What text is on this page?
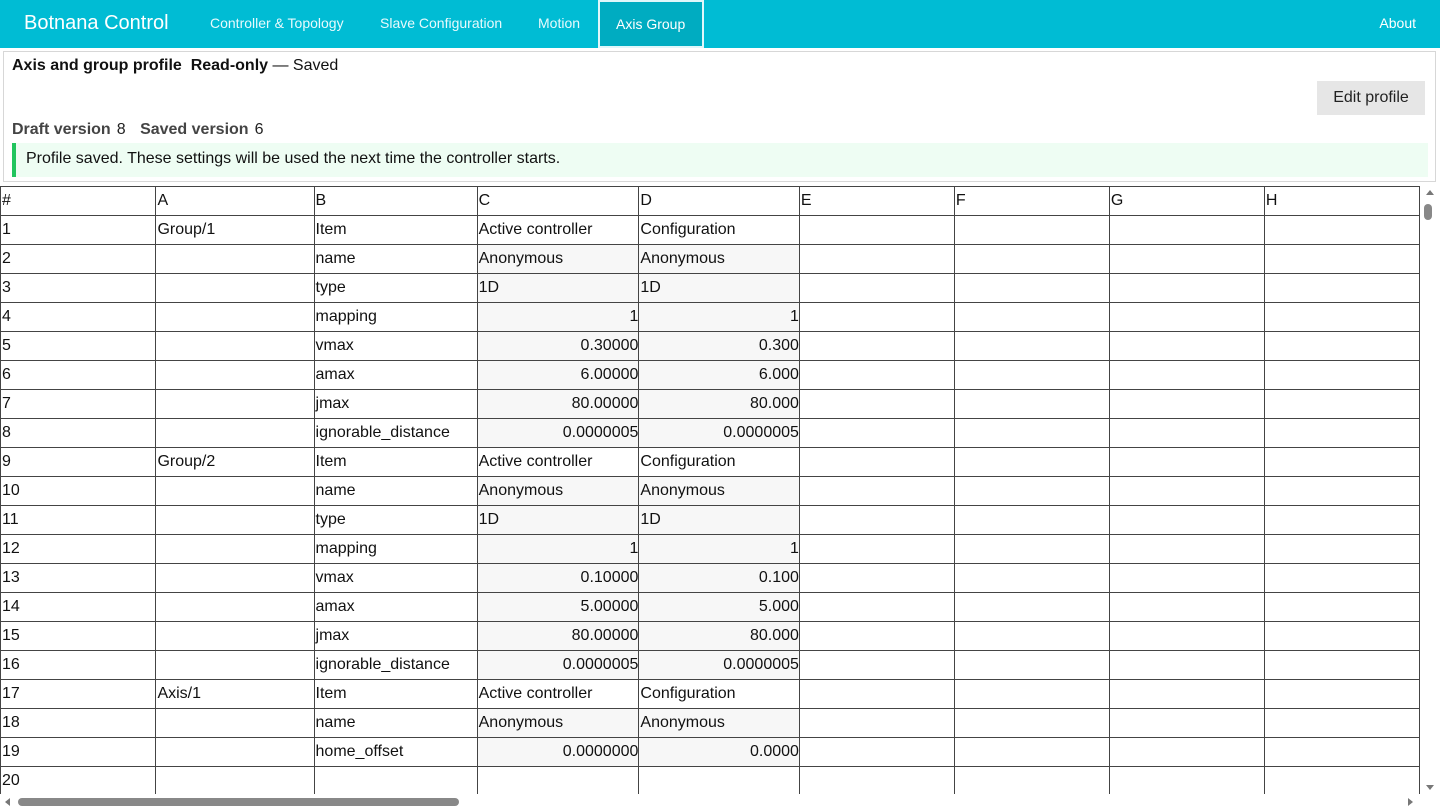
Botnana Control	Controller & Topology	Slave Configuration	Motion	Axis Group	About
Axis and group profile Read-only — Saved
Edit profile
Draft version 8 Saved version 6
Profile saved. These settings will be used the next time the controller starts.
#	A	B	C	D	E	F	G	H
1	Group/1	Item	Active controller	Configuration				
2		name	Anonymous	Anonymous				
3		type	1D	1D				
4		mapping	1	1				
5		vmax	0.30000	0.300				
6		amax	6.00000	6.000				
7		jmax	80.00000	80.000				
8		ignorable_distance	0.0000005	0.0000005				
9	Group/2	Item	Active controller	Configuration				
10		name	Anonymous	Anonymous				
11		type	1D	1D				
12		mapping	1	1				
13		vmax	0.10000	0.100				
14		amax	5.00000	5.000				
15		jmax	80.00000	80.000				
16		ignorable_distance	0.0000005	0.0000005				
17	Axis/1	Item	Active controller	Configuration				
18		name	Anonymous	Anonymous				
19		home_offset	0.0000000	0.0000				
20								
